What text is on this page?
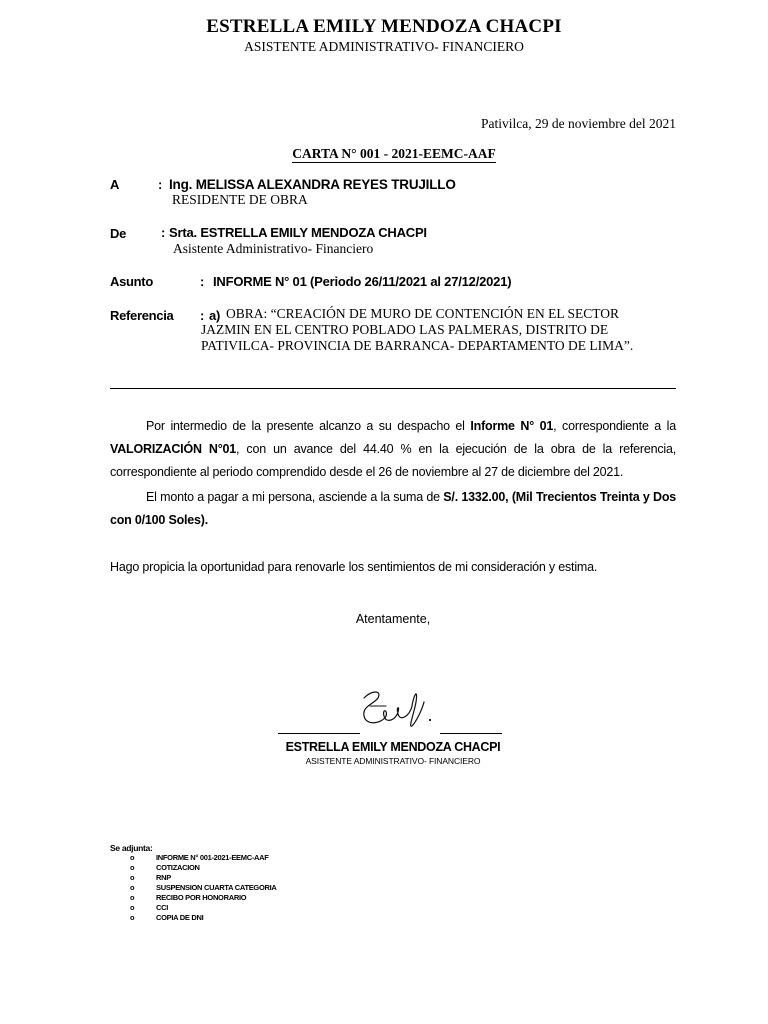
ESTRELLA EMILY MENDOZA CHACPI
ASISTENTE ADMINISTRATIVO- FINANCIERO
Pativilca, 29 de noviembre del 2021
CARTA N° 001 - 2021-EEMC-AAF
A	: Ing. MELISSA ALEXANDRA REYES TRUJILLO
RESIDENTE DE OBRA
De	: Srta. ESTRELLA EMILY MENDOZA CHACPI
Asistente Administrativo- Financiero
Asunto	: INFORME N° 01 (Periodo 26/11/2021 al 27/12/2021)
Referencia : a) OBRA: “CREACIÓN DE MURO DE CONTENCIÓN EN EL SECTOR
JAZMIN EN EL CENTRO POBLADO LAS PALMERAS, DISTRITO DE
PATIVILCA- PROVINCIA DE BARRANCA- DEPARTAMENTO DE LIMA”.
Por intermedio de la presente alcanzo a su despacho el Informe N° 01, correspondiente a la VALORIZACIÓN N°01, con un avance del 44.40 % en la ejecución de la obra de la referencia, correspondiente al periodo comprendido desde el 26 de noviembre al 27 de diciembre del 2021.
El monto a pagar a mi persona, asciende a la suma de S/. 1332.00, (Mil Trecientos Treinta y Dos con 0/100 Soles).
Hago propicia la oportunidad para renovarle los sentimientos de mi consideración y estima.
Atentamente,
ESTRELLA EMILY MENDOZA CHACPI
ASISTENTE ADMINISTRATIVO- FINANCIERO
Se adjunta:
o	INFORME N° 001-2021-EEMC-AAF
o	COTIZACION
o	RNP
o	SUSPENSION CUARTA CATEGORIA
o	RECIBO POR HONORARIO
o	CCI
o	COPIA DE DNI
